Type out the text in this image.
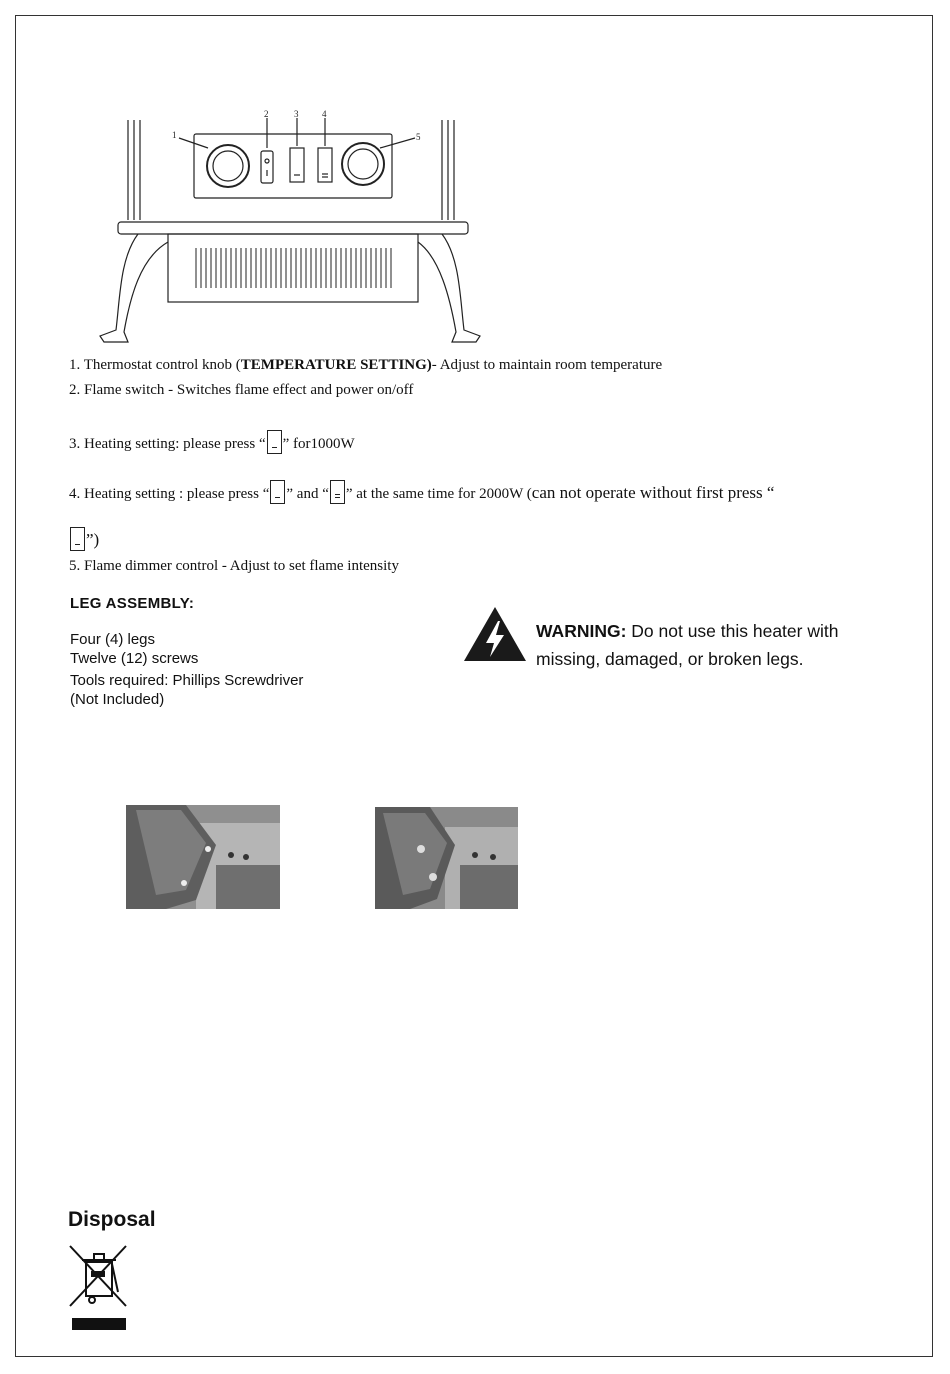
1
2	3	4
5
1. Thermostat control knob (TEMPERATURE SETTING)- Adjust to maintain room temperature
2. Flame switch - Switches flame effect and power on/off
3. Heating setting: please press “ ” for1000W
4. Heating setting : please press “ ” and “ ” at the same time for 2000W (can not operate without first press “
”)
5. Flame dimmer control - Adjust to set flame intensity
LEG ASSEMBLY:
Four (4) legs
Twelve (12) screws
Tools required: Phillips Screwdriver
(Not Included)
WARNING: Do not use this heater with
missing, damaged, or broken legs.
Disposal
